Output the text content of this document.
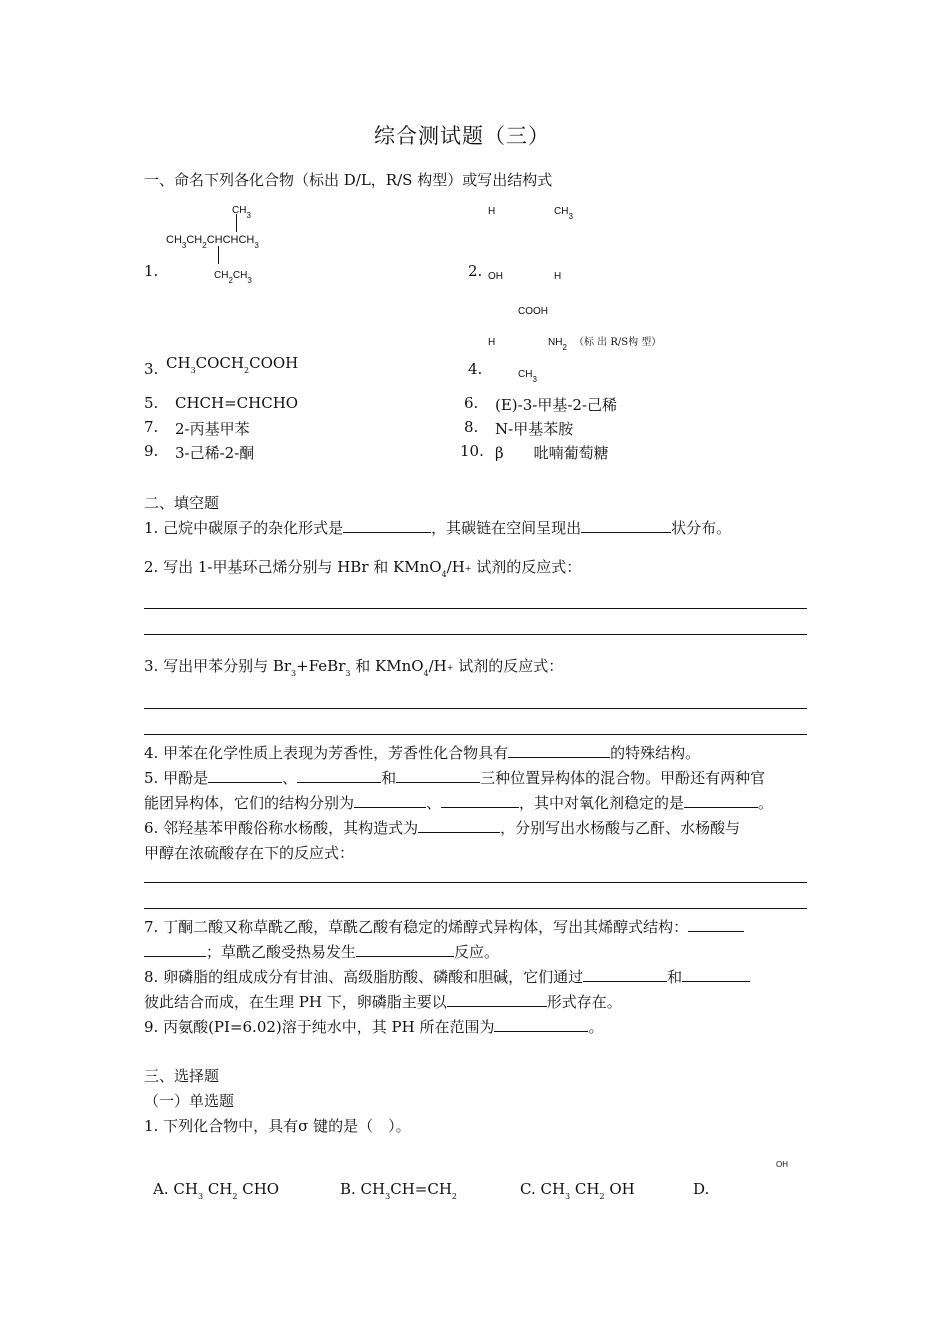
综合测试题（三）
一、命名下列各化合物（标出 D/L，R/S 构型）或写出结构式
1.
$CH_3$
$CH_3CH_2CHCHCH_3$
$CH_2CH_3$
2.
H	$CH_3$
OH	H
3. $CH_3COCH_2COOH$	4.
COOH
H	$NH_2$ （标 出 R/S构 型）
$CH_3$
5. CHCH=CHCHO	6. (E)-3-甲基-2-己稀
7. 2-丙基甲苯	8. N-甲基苯胺
9. 3-己稀-2-酮	10. β　　吡喃葡萄糖
二、填空题
1. 己烷中碳原子的杂化形式是	，其碳链在空间呈现出	状分布。
2. 写出 1-甲基环己烯分别与 HBr 和 KMnO$_4$/H+ 试剂的反应式：
3. 写出甲苯分别与 $Br_3+FeBr_3$ 和 KMnO$_4$/H+ 试剂的反应式：
4. 甲苯在化学性质上表现为芳香性，芳香性化合物具有	的特殊结构。
5. 甲酚是	、	和	三种位置异构体的混合物。甲酚还有两种官
能团异构体，它们的结构分别为	、	，其中对氧化剂稳定的是	。
6. 邻羟基苯甲酸俗称水杨酸，其构造式为	，分别写出水杨酸与乙酐、水杨酸与
甲醇在浓硫酸存在下的反应式：
7. 丁酮二酸又称草酰乙酸，草酰乙酸有稳定的烯醇式异构体，写出其烯醇式结构：
；草酰乙酸受热易发生	反应。
8. 卵磷脂的组成成分有甘油、高级脂肪酸、磷酸和胆碱，它们通过	和
彼此结合而成，在生理 PH 下，卵磷脂主要以	形式存在。
9. 丙氨酸(PI=6.02)溶于纯水中，其 PH 所在范围为	。
三、选择题
（一）单选题
1. 下列化合物中，具有σ 键的是（　）。
OH
A. $CH_3$ $CH_2$ CHO	B. $CH_3CH=CH_2$	C. $CH_3$ $CH_2$ OH	D.
